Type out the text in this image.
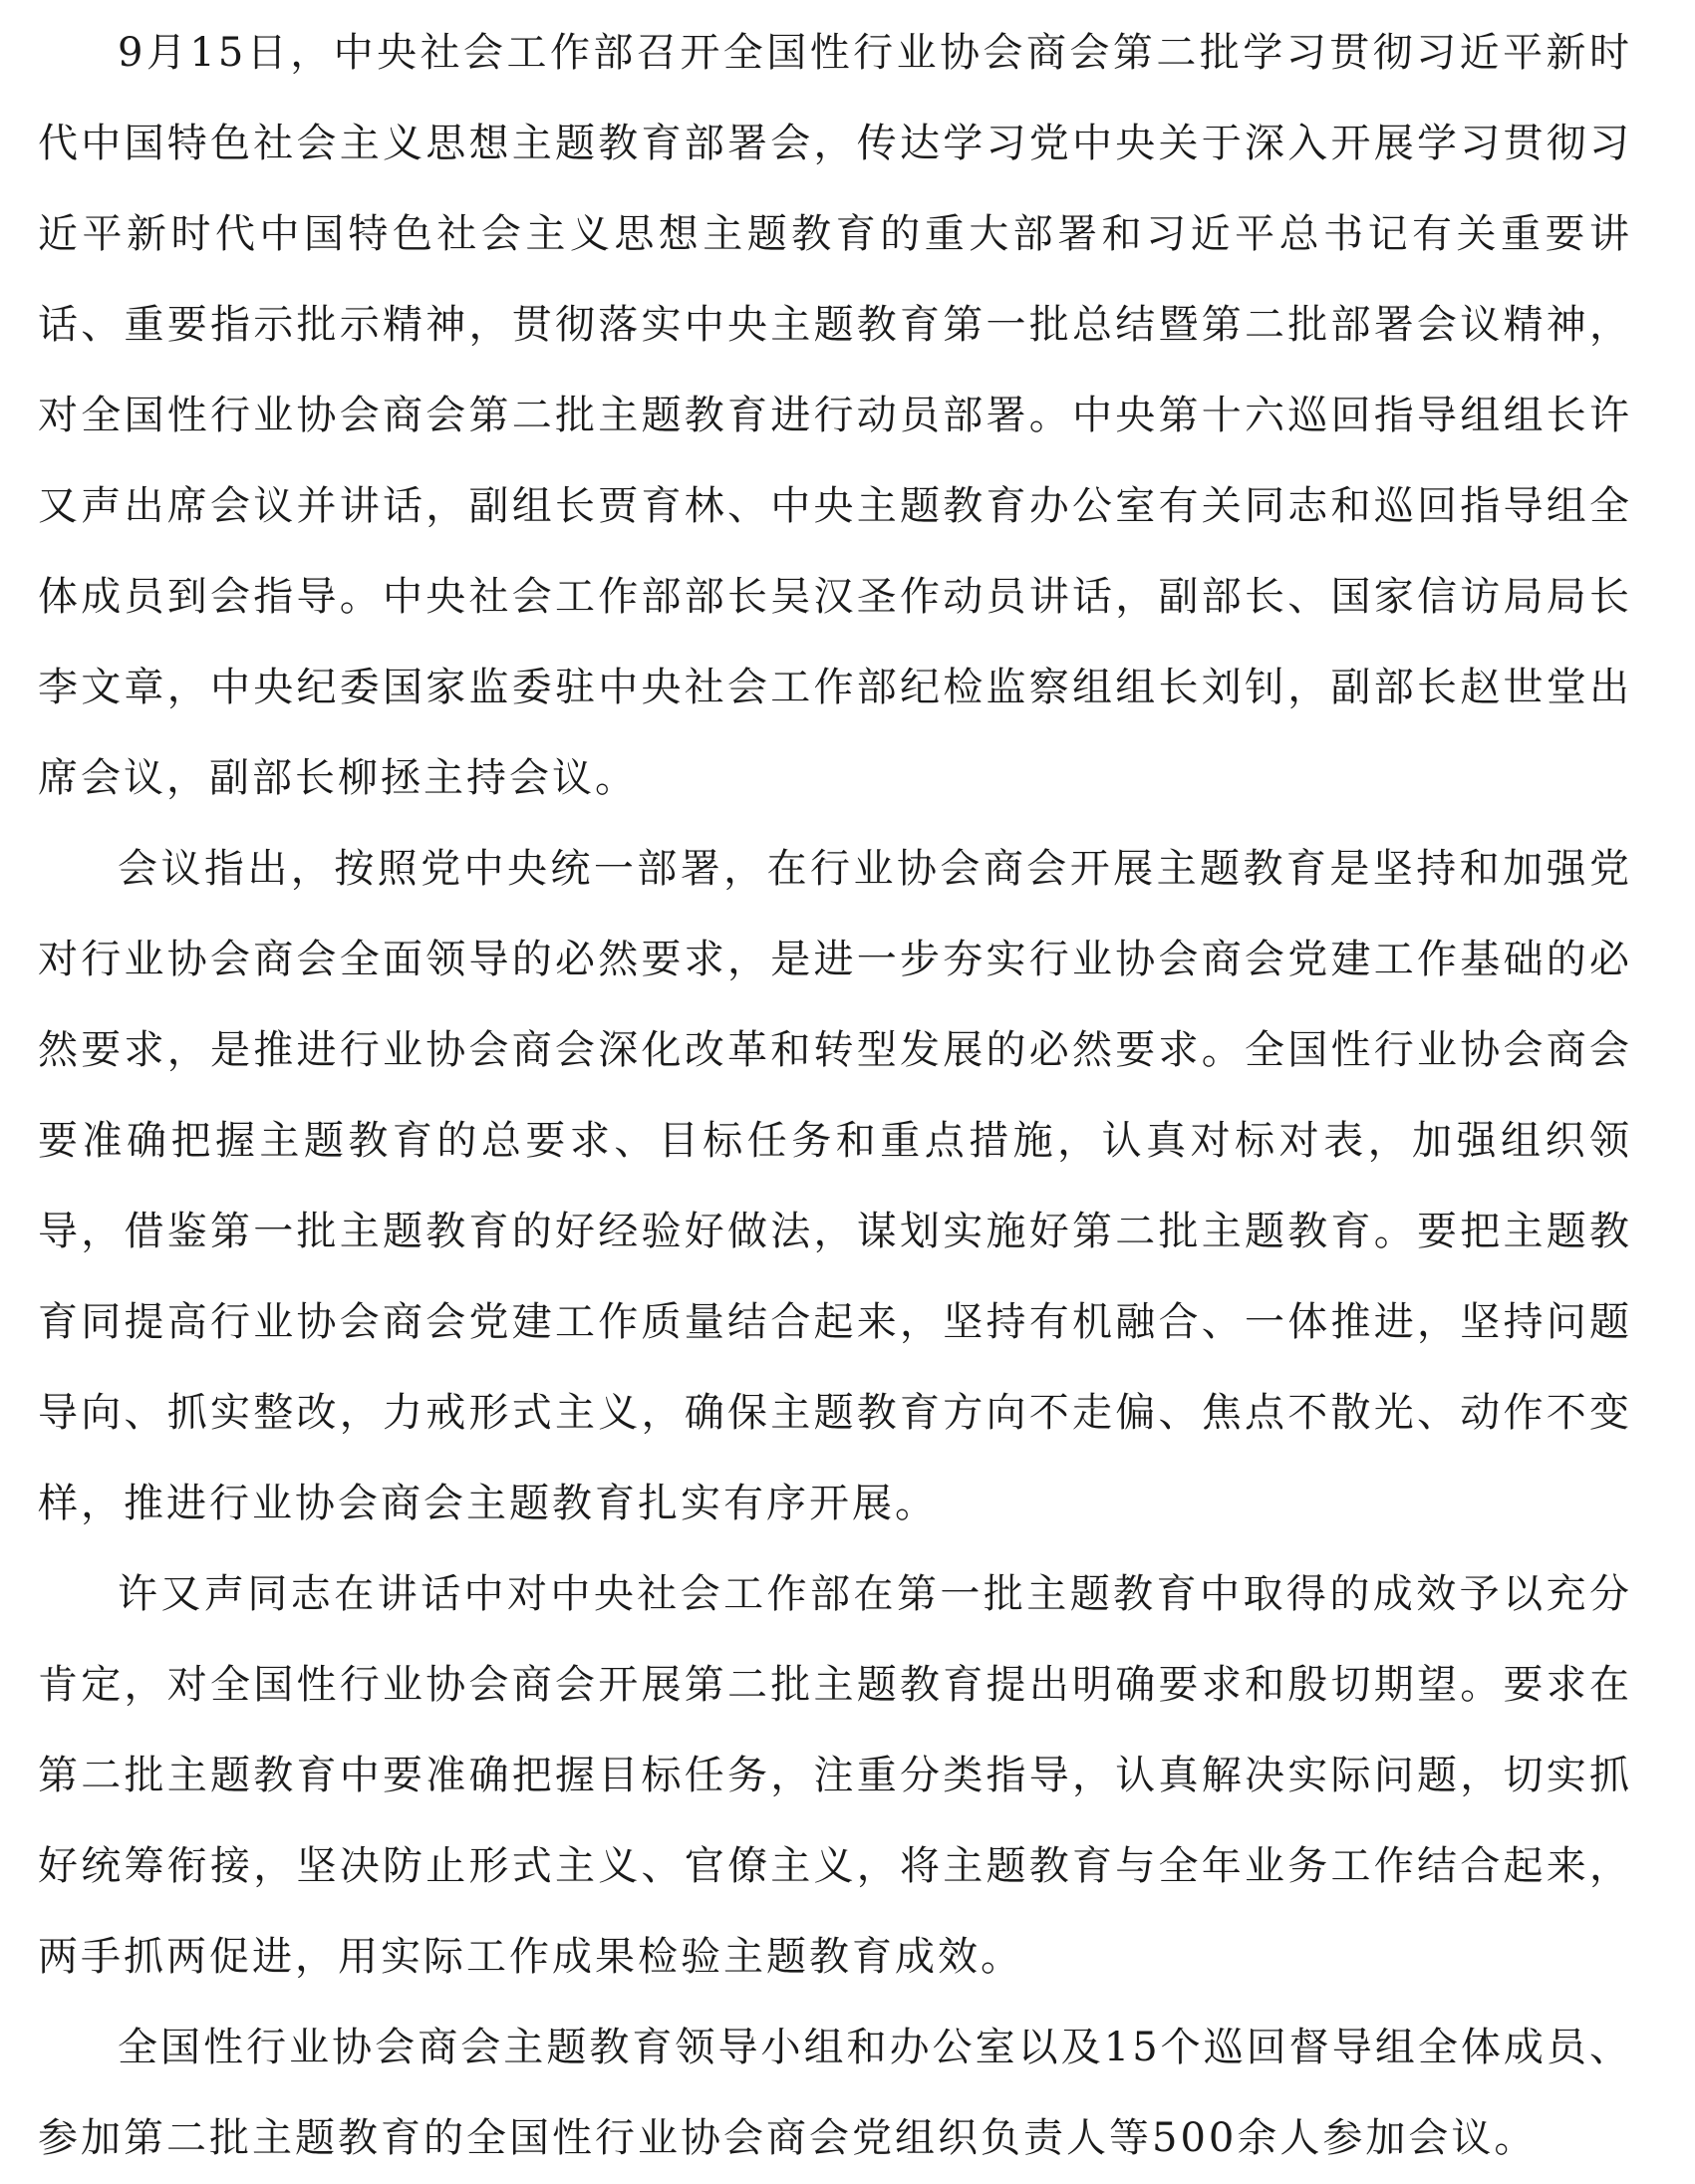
9月15日，中央社会工作部召开全国性行业协会商会第二批学习贯彻习近平新时代中国特色社会主义思想主题教育部署会，传达学习党中央关于深入开展学习贯彻习近平新时代中国特色社会主义思想主题教育的重大部署和习近平总书记有关重要讲话、重要指示批示精神，贯彻落实中央主题教育第一批总结暨第二批部署会议精神，对全国性行业协会商会第二批主题教育进行动员部署。中央第十六巡回指导组组长许又声出席会议并讲话，副组长贾育林、中央主题教育办公室有关同志和巡回指导组全体成员到会指导。中央社会工作部部长吴汉圣作动员讲话，副部长、国家信访局局长李文章，中央纪委国家监委驻中央社会工作部纪检监察组组长刘钊，副部长赵世堂出席会议，副部长柳拯主持会议。

会议指出，按照党中央统一部署，在行业协会商会开展主题教育是坚持和加强党对行业协会商会全面领导的必然要求，是进一步夯实行业协会商会党建工作基础的必然要求，是推进行业协会商会深化改革和转型发展的必然要求。全国性行业协会商会要准确把握主题教育的总要求、目标任务和重点措施，认真对标对表，加强组织领导，借鉴第一批主题教育的好经验好做法，谋划实施好第二批主题教育。要把主题教育同提高行业协会商会党建工作质量结合起来，坚持有机融合、一体推进，坚持问题导向、抓实整改，力戒形式主义，确保主题教育方向不走偏、焦点不散光、动作不变样，推进行业协会商会主题教育扎实有序开展。

许又声同志在讲话中对中央社会工作部在第一批主题教育中取得的成效予以充分肯定，对全国性行业协会商会开展第二批主题教育提出明确要求和殷切期望。要求在第二批主题教育中要准确把握目标任务，注重分类指导，认真解决实际问题，切实抓好统筹衔接，坚决防止形式主义、官僚主义，将主题教育与全年业务工作结合起来，两手抓两促进，用实际工作成果检验主题教育成效。

全国性行业协会商会主题教育领导小组和办公室以及15个巡回督导组全体成员、参加第二批主题教育的全国性行业协会商会党组织负责人等500余人参加会议。
